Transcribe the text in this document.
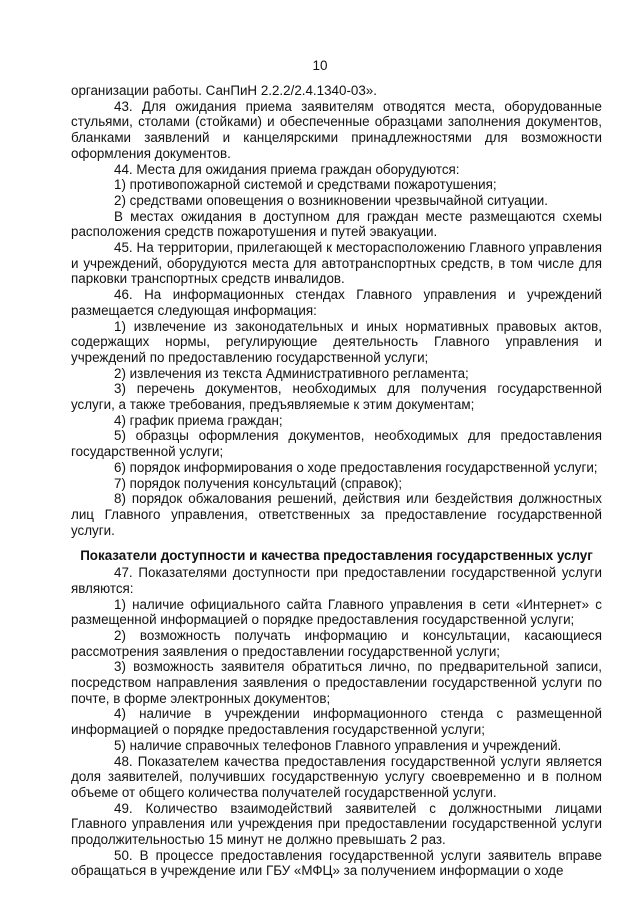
10

организации работы. СанПиН 2.2.2/2.4.1340-03».

43. Для ожидания приема заявителям отводятся места, оборудованные стульями, столами (стойками) и обеспеченные образцами заполнения документов, бланками заявлений и канцелярскими принадлежностями для возможности оформления документов.

44. Места для ожидания приема граждан оборудуются:

1) противопожарной системой и средствами пожаротушения;

2) средствами оповещения о возникновении чрезвычайной ситуации.

В местах ожидания в доступном для граждан месте размещаются схемы расположения средств пожаротушения и путей эвакуации.

45. На территории, прилегающей к месторасположению Главного управления и учреждений, оборудуются места для автотранспортных средств, в том числе для парковки транспортных средств инвалидов.

46. На информационных стендах Главного управления и учреждений размещается следующая информация:

1) извлечение из законодательных и иных нормативных правовых актов, содержащих нормы, регулирующие деятельность Главного управления и учреждений по предоставлению государственной услуги;

2) извлечения из текста Административного регламента;

3) перечень документов, необходимых для получения государственной услуги, а также требования, предъявляемые к этим документам;

4) график приема граждан;

5) образцы оформления документов, необходимых для предоставления государственной услуги;

6) порядок информирования о ходе предоставления государственной услуги;

7) порядок получения консультаций (справок);

8) порядок обжалования решений, действия или бездействия должностных лиц Главного управления, ответственных за предоставление государственной услуги.

Показатели доступности и качества предоставления государственных услуг

47. Показателями доступности при предоставлении государственной услуги являются:

1) наличие официального сайта Главного управления в сети «Интернет» с размещенной информацией о порядке предоставления государственной услуги;

2) возможность получать информацию и консультации, касающиеся рассмотрения заявления о предоставлении государственной услуги;

3) возможность заявителя обратиться лично, по предварительной записи, посредством направления заявления о предоставлении государственной услуги по почте, в форме электронных документов;

4) наличие в учреждении информационного стенда с размещенной информацией о порядке предоставления государственной услуги;

5) наличие справочных телефонов Главного управления и учреждений.

48. Показателем качества предоставления государственной услуги является доля заявителей, получивших государственную услугу своевременно и в полном объеме от общего количества получателей государственной услуги.

49. Количество взаимодействий заявителей с должностными лицами Главного управления или учреждения при предоставлении государственной услуги продолжительностью 15 минут не должно превышать 2 раз.

50. В процессе предоставления государственной услуги заявитель вправе обращаться в учреждение или ГБУ «МФЦ» за получением информации о ходе
